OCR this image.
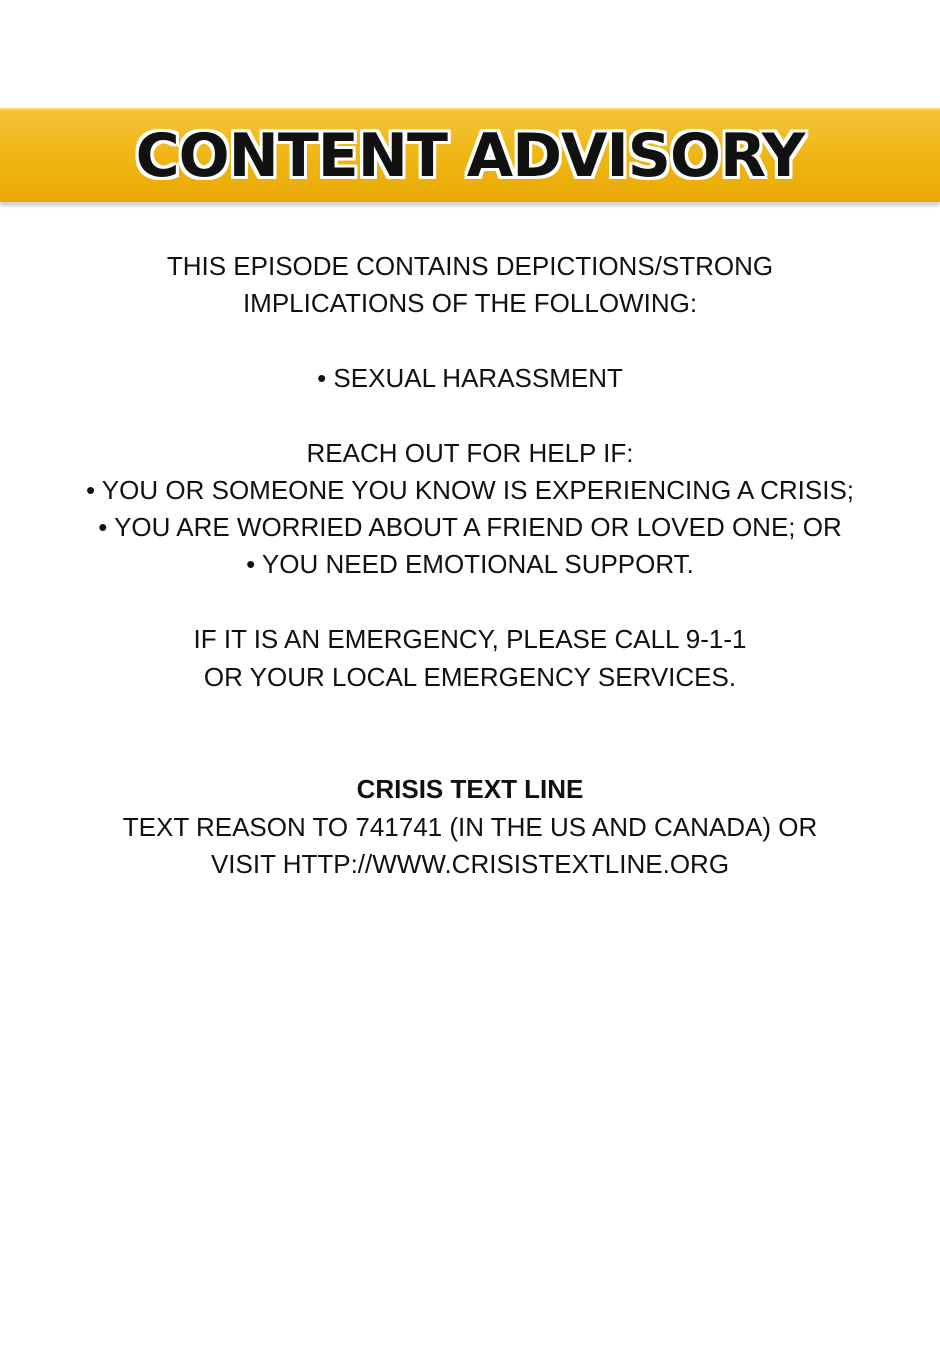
CONTENT ADVISORY

THIS EPISODE CONTAINS DEPICTIONS/STRONG

IMPLICATIONS OF THE FOLLOWING:

• SEXUAL HARASSMENT

REACH OUT FOR HELP IF:

• YOU OR SOMEONE YOU KNOW IS EXPERIENCING A CRISIS;

• YOU ARE WORRIED ABOUT A FRIEND OR LOVED ONE; OR

• YOU NEED EMOTIONAL SUPPORT.

IF IT IS AN EMERGENCY, PLEASE CALL 9-1-1

OR YOUR LOCAL EMERGENCY SERVICES.

CRISIS TEXT LINE

TEXT REASON TO 741741 (IN THE US AND CANADA) OR

VISIT HTTP://WWW.CRISISTEXTLINE.ORG
